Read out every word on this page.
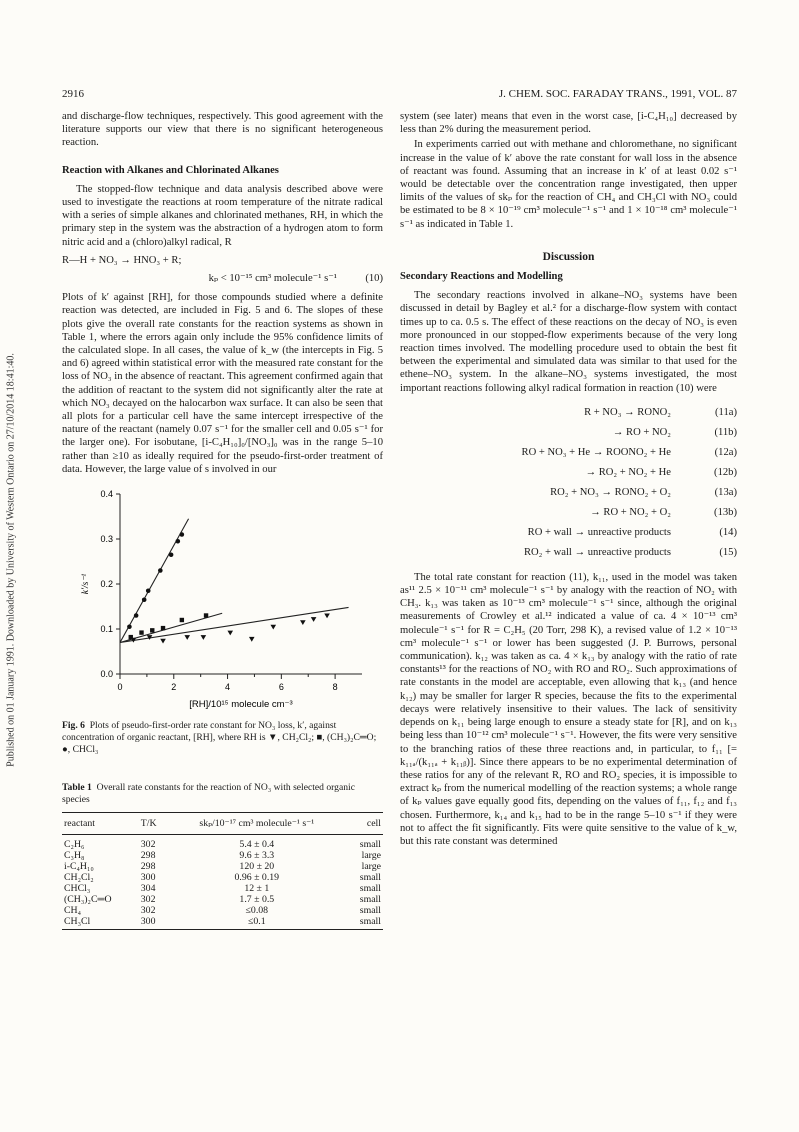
Published on 01 January 1991. Downloaded by University of Western Ontario on 27/10/2014 18:41:40.
2916	J. CHEM. SOC. FARADAY TRANS., 1991, VOL. 87

and discharge-flow techniques, respectively. This good agreement with the literature supports our view that there is no significant heterogeneous reaction.

Reaction with Alkanes and Chlorinated Alkanes

The stopped-flow technique and data analysis described above were used to investigate the reactions at room temperature of the nitrate radical with a series of simple alkanes and chlorinated methanes, RH, in which the primary step in the system was the abstraction of a hydrogen atom to form nitric acid and a (chloro)alkyl radical, R

R—H + NO₃ → HNO₃ + R;
kₚ < 10⁻¹⁵ cm³ molecule⁻¹ s⁻¹	(10)

Plots of k′ against [RH], for those compounds studied where a definite reaction was detected, are included in Fig. 5 and 6. The slopes of these plots give the overall rate constants for the reaction systems as shown in Table 1, where the errors again only include the 95% confidence limits of the calculated slope. In all cases, the value of k_w (the intercepts in Fig. 5 and 6) agreed within statistical error with the measured rate constant for the loss of NO₃ in the absence of reactant. This agreement confirmed again that the addition of reactant to the system did not significantly alter the rate at which NO₃ decayed on the halocarbon wax surface. It can also be seen that all plots for a particular cell have the same intercept irrespective of the nature of the reactant (namely 0.07 s⁻¹ for the smaller cell and 0.05 s⁻¹ for the larger one). For isobutane, [i-C₄H₁₀]₀/[NO₃]₀ was in the range 5–10 rather than ≥10 as ideally required for the pseudo-first-order treatment of data. However, the large value of s involved in our

0.0
0.1
0.2
0.3
0.4
0	2	4	6	8
[RH]/10¹⁵ molecule cm⁻³
k′/s⁻¹
Fig. 6 Plots of pseudo-first-order rate constant for NO₃ loss, k′, against concentration of organic reactant, [RH], where RH is ▼, CH₂Cl₂; ■, (CH₃)₂C═O; ●, CHCl₃
Table 1 Overall rate constants for the reaction of NO₃ with selected organic species
reactant	T/K	skₚ/10⁻¹⁷ cm³ molecule⁻¹ s⁻¹	cell
C₂H₆	302	5.4 ± 0.4	small
C₃H₈	298	9.6 ± 3.3	large
i-C₄H₁₀	298	120 ± 20	large
CH₂Cl₂	300	0.96 ± 0.19	small
CHCl₃	304	12 ± 1	small
(CH₃)₂C═O	302	1.7 ± 0.5	small
CH₄	302	≤0.08	small
CH₃Cl	300	≤0.1	small

system (see later) means that even in the worst case, [i-C₄H₁₀] decreased by less than 2% during the measurement period.

In experiments carried out with methane and chloromethane, no significant increase in the value of k′ above the rate constant for wall loss in the absence of reactant was found. Assuming that an increase in k′ of at least 0.02 s⁻¹ would be detectable over the concentration range investigated, then upper limits of the values of skₚ for the reaction of CH₄ and CH₃Cl with NO₃ could be estimated to be 8 × 10⁻¹⁹ cm³ molecule⁻¹ s⁻¹ and 1 × 10⁻¹⁸ cm³ molecule⁻¹ s⁻¹ as indicated in Table 1.

Discussion
Secondary Reactions and Modelling

The secondary reactions involved in alkane–NO₃ systems have been discussed in detail by Bagley et al.² for a discharge-flow system with contact times up to ca. 0.5 s. The effect of these reactions on the decay of NO₃ is even more pronounced in our stopped-flow experiments because of the very long reaction times involved. The modelling procedure used to obtain the best fit between the experimental and simulated data was similar to that used for the ethene–NO₃ system. In the alkane–NO₃ systems investigated, the most important reactions following alkyl radical formation in reaction (10) were

R + NO₃ → RONO₂	(11a)
→ RO + NO₂	(11b)
RO + NO₃ + He → ROONO₂ + He	(12a)
→ RO₂ + NO₂ + He	(12b)
RO₂ + NO₃ → RONO₂ + O₂	(13a)
→ RO + NO₂ + O₂	(13b)
RO + wall → unreactive products	(14)
RO₂ + wall → unreactive products	(15)

The total rate constant for reaction (11), k₁₁, used in the model was taken as¹¹ 2.5 × 10⁻¹¹ cm³ molecule⁻¹ s⁻¹ by analogy with the reaction of NO₂ with CH₃. k₁₃ was taken as 10⁻¹³ cm³ molecule⁻¹ s⁻¹ since, although the original measurements of Crowley et al.¹² indicated a value of ca. 4 × 10⁻¹³ cm³ molecule⁻¹ s⁻¹ for R = C₂H₅ (20 Torr, 298 K), a revised value of 1.2 × 10⁻¹³ cm³ molecule⁻¹ s⁻¹ or lower has been suggested (J. P. Burrows, personal communication). k₁₂ was taken as ca. 4 × k₁₃ by analogy with the ratio of rate constants¹³ for the reactions of NO₂ with RO and RO₂. Such approximations of rate constants in the model are acceptable, even allowing that k₁₃ (and hence k₁₂) may be smaller for larger R species, because the fits to the experimental decays were relatively insensitive to their values. The lack of sensitivity depends on k₁₁ being large enough to ensure a steady state for [R], and on k₁₃ being less than 10⁻¹² cm³ molecule⁻¹ s⁻¹. However, the fits were very sensitive to the branching ratios of these three reactions and, in particular, to f₁₁ [= k₁₁ₐ/(k₁₁ₐ + k₁₁ᵦ)]. Since there appears to be no experimental determination of these ratios for any of the relevant R, RO and RO₂ species, it is impossible to extract kₚ from the numerical modelling of the reaction systems; a whole range of kₚ values gave equally good fits, depending on the values of f₁₁, f₁₂ and f₁₃ chosen. Furthermore, k₁₄ and k₁₅ had to be in the range 5–10 s⁻¹ if they were not to affect the fit significantly. Fits were quite sensitive to the value of k_w, but this rate constant was determined
